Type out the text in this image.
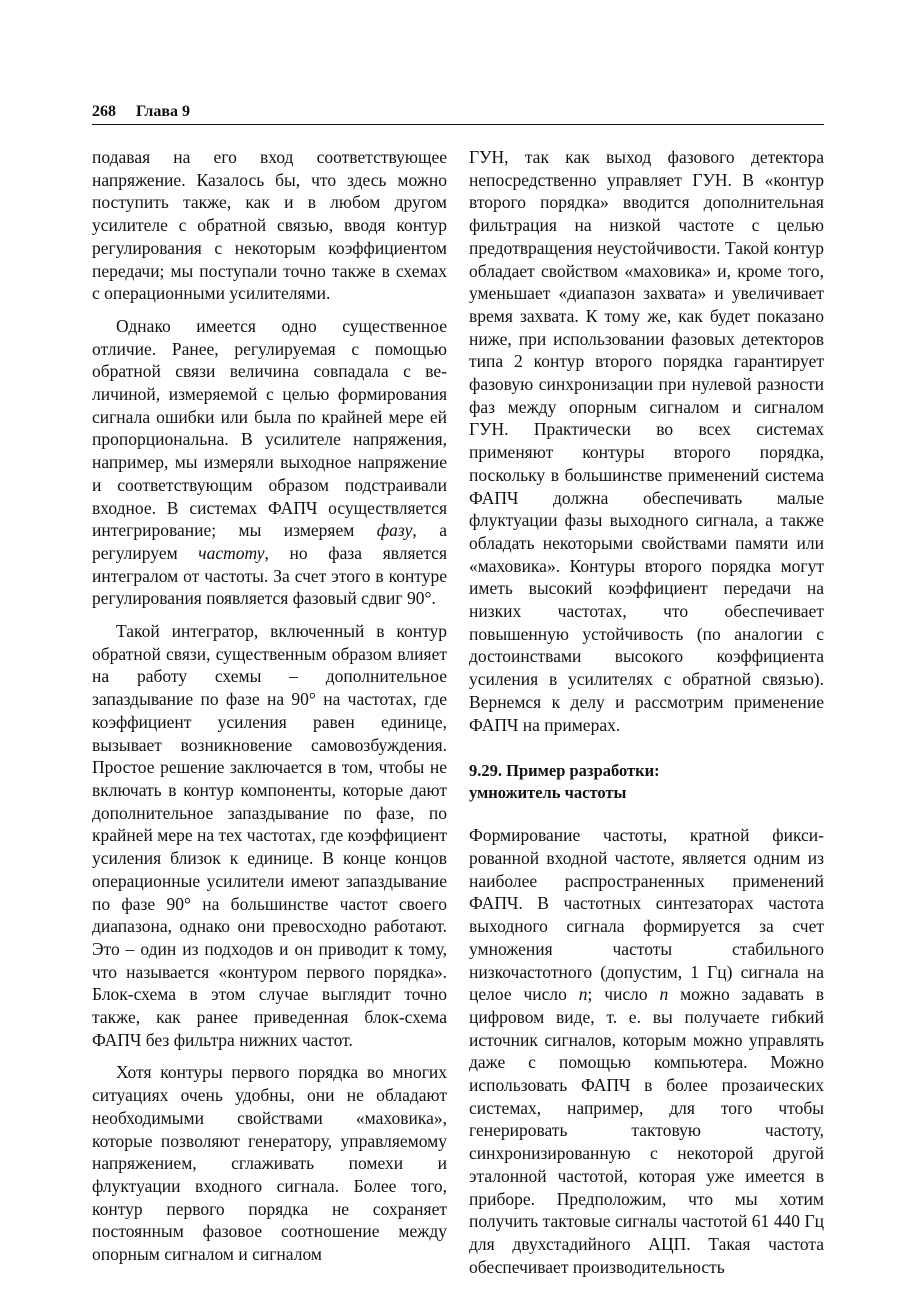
268 Глава 9

подавая на его вход соответствующее напряжение. Казалось бы, что здесь можно поступить также, как и в любом другом усилителе с обратной связью, вводя контур регулирования с некоторым коэффициентом передачи; мы поступали точно также в схемах с операционными усилителями.

Однако имеется одно существенное отличие. Ранее, регулируемая с помощью обратной связи величина совпадала с величиной, измеряемой с целью формирования сигнала ошибки или была по крайней мере ей пропорциональна. В усилителе напряжения, например, мы измеряли выходное напряжение и соответствующим образом подстраивали входное. В системах ФАПЧ осуществляется интегрирование; мы измеряем фазу, а регулируем частоту, но фаза является интегралом от частоты. За счет этого в контуре регулирования появляется фазовый сдвиг 90°.

Такой интегратор, включенный в контур обратной связи, существенным образом влияет на работу схемы – дополнительное запаздывание по фазе на 90° на частотах, где коэффициент усиления равен единице, вызывает возникновение самовозбуждения. Простое решение заключается в том, чтобы не включать в контур компоненты, которые дают дополнительное запаздывание по фазе, по крайней мере на тех частотах, где коэффициент усиления близок к единице. В конце концов операционные усилители имеют запаздывание по фазе 90° на большинстве частот своего диапазона, однако они превосходно работают. Это – один из подходов и он приводит к тому, что называется «контуром первого порядка». Блок-схема в этом случае выглядит точно также, как ранее приведенная блок-схема ФАПЧ без фильтра нижних частот.

Хотя контуры первого порядка во многих ситуациях очень удобны, они не обладают необходимыми свойствами «маховика», которые позволяют генератору, управляемому напряжением, сглаживать помехи и флуктуации входного сигнала. Более того, контур первого порядка не сохраняет постоянным фазовое соотношение между опорным сигналом и сигналом

ГУН, так как выход фазового детектора непосредственно управляет ГУН. В «контур второго порядка» вводится дополнительная фильтрация на низкой частоте с целью предотвращения неустойчивости. Такой контур обладает свойством «маховика» и, кроме того, уменьшает «диапазон захвата» и увеличивает время захвата. К тому же, как будет показано ниже, при использовании фазовых детекторов типа 2 контур второго порядка гарантирует фазовую синхронизации при нулевой разности фаз между опорным сигналом и сигналом ГУН. Практически во всех системах применяют контуры второго порядка, поскольку в большинстве применений система ФАПЧ должна обеспечивать малые флуктуации фазы выходного сигнала, а также обладать некоторыми свойствами памяти или «маховика». Контуры второго порядка могут иметь высокий коэффициент передачи на низких частотах, что обеспечивает повышенную устойчивость (по аналогии с достоинствами высокого коэффициента усиления в усилителях с обратной связью). Вернемся к делу и рассмотрим применение ФАПЧ на примерах.

9.29. Пример разработки:
умножитель частоты

Формирование частоты, кратной фиксированной входной частоте, является одним из наиболее распространенных применений ФАПЧ. В частотных синтезаторах частота выходного сигнала формируется за счет умножения частоты стабильного низкочастотного (допустим, 1 Гц) сигнала на целое число n; число n можно задавать в цифровом виде, т. е. вы получаете гибкий источник сигналов, которым можно управлять даже с помощью компьютера. Можно использовать ФАПЧ в более прозаических системах, например, для того чтобы генерировать тактовую частоту, синхронизированную с некоторой другой эталонной частотой, которая уже имеется в приборе. Предположим, что мы хотим получить тактовые сигналы частотой 61 440 Гц для двухстадийного АЦП. Такая частота обеспечивает производительность
